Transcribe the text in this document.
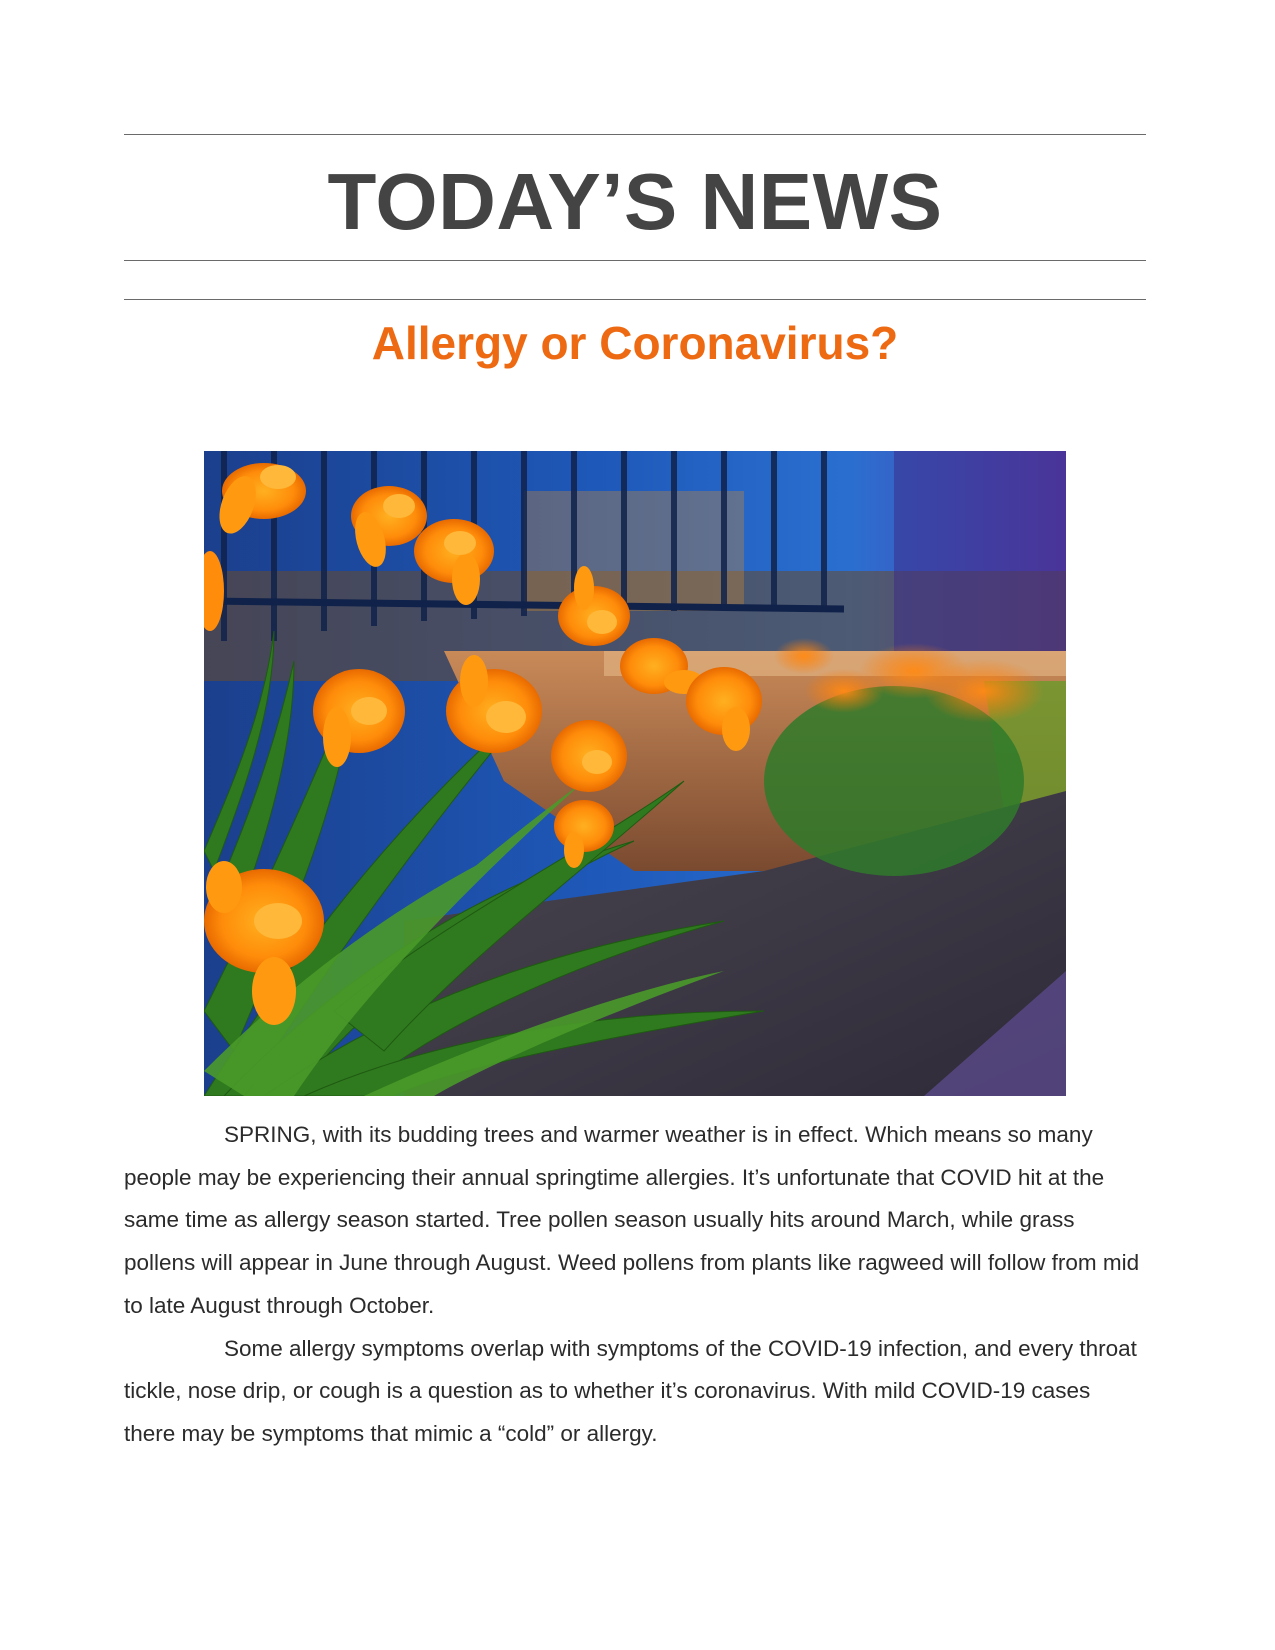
TODAY’S NEWS
Allergy or Coronavirus?

SPRING, with its budding trees and warmer weather is in effect. Which means so many people may be experiencing their annual springtime allergies. It’s unfortunate that COVID hit at the same time as allergy season started. Tree pollen season usually hits around March, while grass pollens will appear in June through August. Weed pollens from plants like ragweed will follow from mid to late August through October.

Some allergy symptoms overlap with symptoms of the COVID-19 infection, and every throat tickle, nose drip, or cough is a question as to whether it’s coronavirus. With mild COVID-19 cases there may be symptoms that mimic a “cold” or allergy.
